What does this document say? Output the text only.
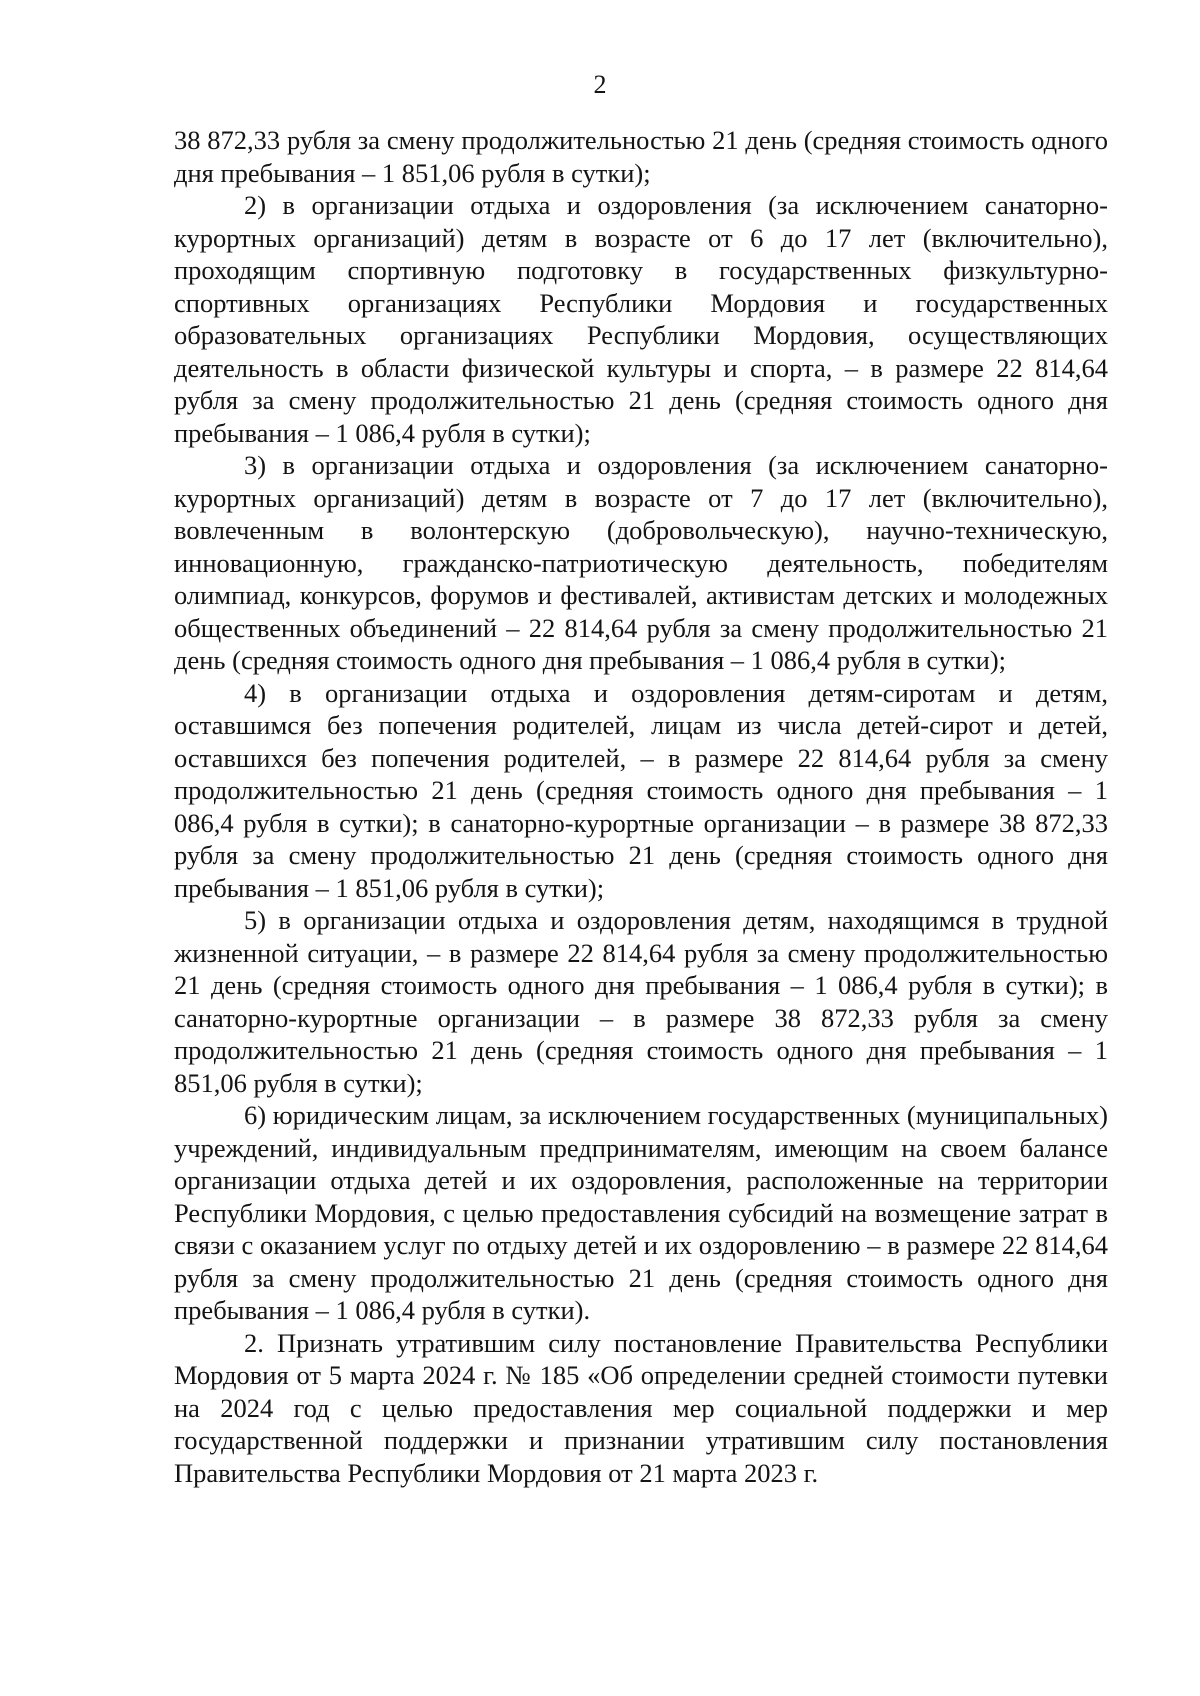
2

38 872,33 рубля за смену продолжительностью 21 день (средняя стоимость одного дня пребывания – 1 851,06 рубля в сутки);

2) в организации отдыха и оздоровления (за исключением санаторно-курортных организаций) детям в возрасте от 6 до 17 лет (включительно), проходящим спортивную подготовку в государственных физкультурно-спортивных организациях Республики Мордовия и государственных образовательных организациях Республики Мордовия, осуществляющих деятельность в области физической культуры и спорта, – в размере 22 814,64 рубля за смену продолжительностью 21 день (средняя стоимость одного дня пребывания – 1 086,4 рубля в сутки);

3) в организации отдыха и оздоровления (за исключением санаторно-курортных организаций) детям в возрасте от 7 до 17 лет (включительно), вовлеченным в волонтерскую (добровольческую), научно-техническую, инновационную, гражданско-патриотическую деятельность, победителям олимпиад, конкурсов, форумов и фестивалей, активистам детских и молодежных общественных объединений – 22 814,64 рубля за смену продолжительностью 21 день (средняя стоимость одного дня пребывания – 1 086,4 рубля в сутки);

4) в организации отдыха и оздоровления детям-сиротам и детям, оставшимся без попечения родителей, лицам из числа детей-сирот и детей, оставшихся без попечения родителей, – в размере 22 814,64 рубля за смену продолжительностью 21 день (средняя стоимость одного дня пребывания – 1 086,4 рубля в сутки); в санаторно-курортные организации – в размере 38 872,33 рубля за смену продолжительностью 21 день (средняя стоимость одного дня пребывания – 1 851,06 рубля в сутки);

5) в организации отдыха и оздоровления детям, находящимся в трудной жизненной ситуации, – в размере 22 814,64 рубля за смену продолжительностью 21 день (средняя стоимость одного дня пребывания – 1 086,4 рубля в сутки); в санаторно-курортные организации – в размере 38 872,33 рубля за смену продолжительностью 21 день (средняя стоимость одного дня пребывания – 1 851,06 рубля в сутки);

6) юридическим лицам, за исключением государственных (муниципальных) учреждений, индивидуальным предпринимателям, имеющим на своем балансе организации отдыха детей и их оздоровления, расположенные на территории Республики Мордовия, с целью предоставления субсидий на возмещение затрат в связи с оказанием услуг по отдыху детей и их оздоровлению – в размере 22 814,64 рубля за смену продолжительностью 21 день (средняя стоимость одного дня пребывания – 1 086,4 рубля в сутки).

2. Признать утратившим силу постановление Правительства Республики Мордовия от 5 марта 2024 г. № 185 «Об определении средней стоимости путевки на 2024 год с целью предоставления мер социальной поддержки и мер государственной поддержки и признании утратившим силу постановления Правительства Республики Мордовия от 21 марта 2023 г.
